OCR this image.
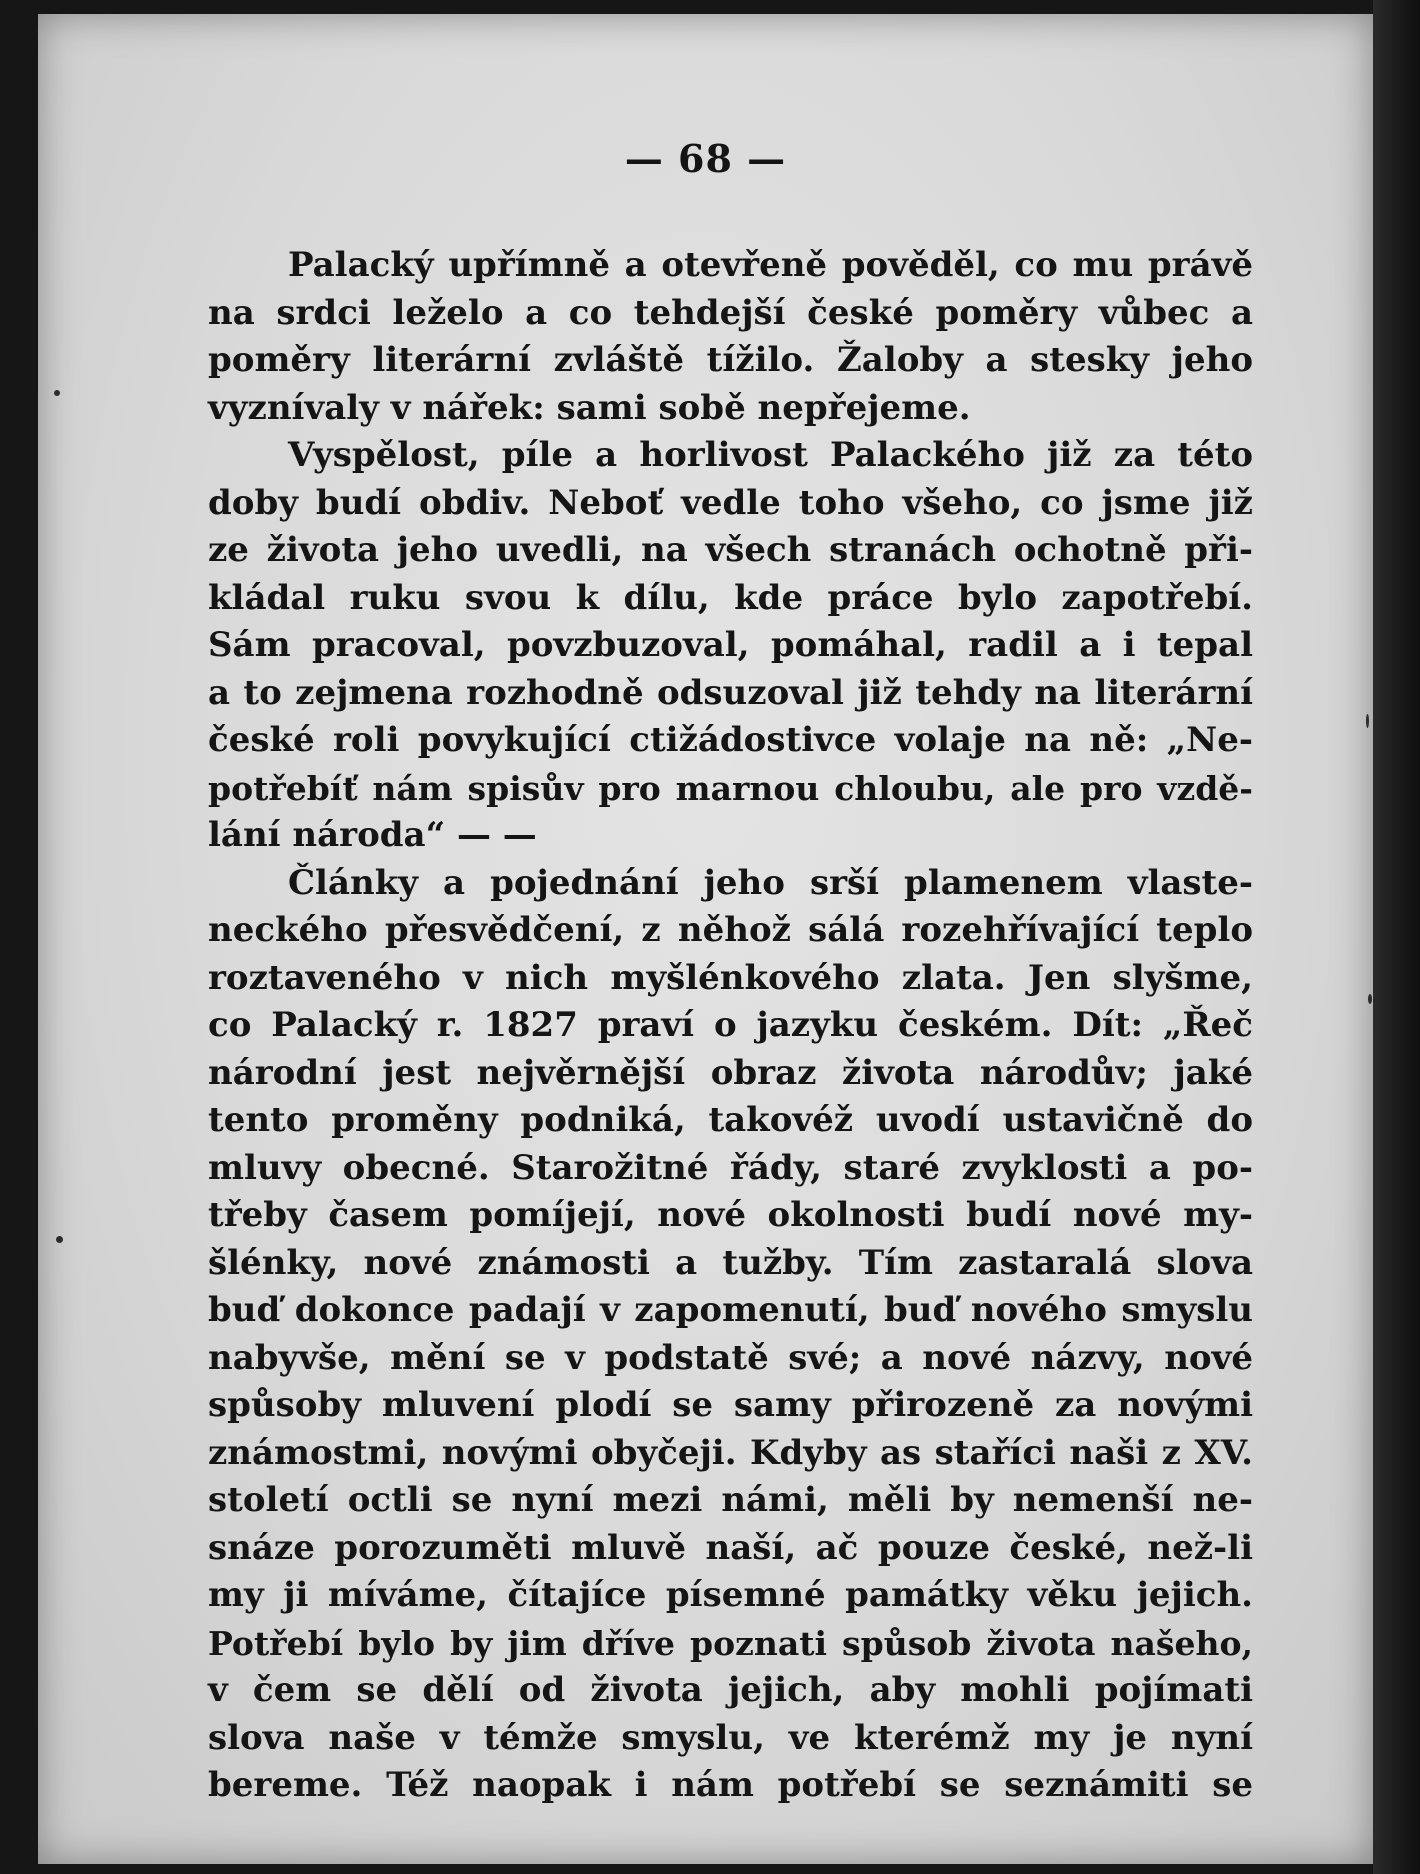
— 68 —
Palacký upřímně a otevřeně pověděl, co mu právě
na srdci leželo a co tehdejší české poměry vůbec a
poměry literární zvláště tížilo. Žaloby a stesky jeho
vyznívaly v nářek: sami sobě nepřejeme.
Vyspělost, píle a horlivost Palackého již za této
doby budí obdiv. Neboť vedle toho všeho, co jsme již
ze života jeho uvedli, na všech stranách ochotně při-
kládal ruku svou k dílu, kde práce bylo zapotřebí.
Sám pracoval, povzbuzoval, pomáhal, radil a i tepal
a to zejmena rozhodně odsuzoval již tehdy na literární
české roli povykující ctižádostivce volaje na ně: „Ne-
potřebíť nám spisův pro marnou chloubu, ale pro vzdě-
lání národa“ — —
Články a pojednání jeho srší plamenem vlaste-
neckého přesvědčení, z něhož sálá rozehřívající teplo
roztaveného v nich myšlénkového zlata. Jen slyšme,
co Palacký r. 1827 praví o jazyku českém. Dít: „Řeč
národní jest nejvěrnější obraz života národův; jaké
tento proměny podniká, takovéž uvodí ustavičně do
mluvy obecné. Starožitné řády, staré zvyklosti a po-
třeby časem pomíjejí, nové okolnosti budí nové my-
šlénky, nové známosti a tužby. Tím zastaralá slova
buď dokonce padají v zapomenutí, buď nového smyslu
nabyvše, mění se v podstatě své; a nové názvy, nové
spůsoby mluvení plodí se samy přirozeně za novými
známostmi, novými obyčeji. Kdyby as staříci naši z XV.
století octli se nyní mezi námi, měli by nemenší ne-
snáze porozuměti mluvě naší, ač pouze české, než-li
my ji míváme, čítajíce písemné památky věku jejich.
Potřebí bylo by jim dříve poznati spůsob života našeho,
v čem se dělí od života jejich, aby mohli pojímati
slova naše v témže smyslu, ve kterémž my je nyní
bereme. Též naopak i nám potřebí se seznámiti se
